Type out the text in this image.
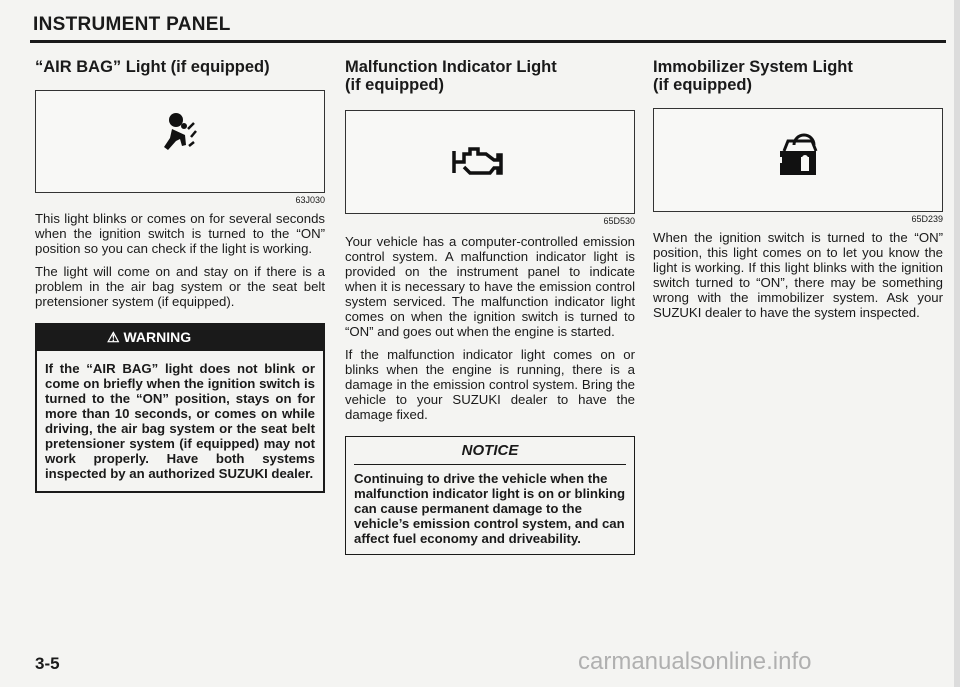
INSTRUMENT PANEL
“AIR BAG” Light (if equipped)
63J030

This light blinks or comes on for several seconds when the ignition switch is turned to the “ON” position so you can check if the light is working.

The light will come on and stay on if there is a problem in the air bag system or the seat belt pretensioner system (if equipped).

⚠ WARNING
If the “AIR BAG” light does not blink or come on briefly when the ignition switch is turned to the “ON” position, stays on for more than 10 seconds, or comes on while driving, the air bag system or the seat belt pretensioner system (if equipped) may not work properly. Have both systems inspected by an authorized SUZUKI dealer.
Malfunction Indicator Light
(if equipped)
65D530

Your vehicle has a computer-controlled emission control system. A malfunction indicator light is provided on the instrument panel to indicate when it is necessary to have the emission control system serviced. The malfunction indicator light comes on when the ignition switch is turned to “ON” and goes out when the engine is started.

If the malfunction indicator light comes on or blinks when the engine is running, there is a damage in the emission control system. Bring the vehicle to your SUZUKI dealer to have the damage fixed.

NOTICE
Continuing to drive the vehicle when the malfunction indicator light is on or blinking can cause permanent damage to the vehicle’s emission control system, and can affect fuel economy and driveability.
Immobilizer System Light
(if equipped)
65D239

When the ignition switch is turned to the “ON” position, this light comes on to let you know the light is working. If this light blinks with the ignition switch turned to “ON”, there may be something wrong with the immobilizer system. Ask your SUZUKI dealer to have the system inspected.

3-5	carmanualsonline.info
